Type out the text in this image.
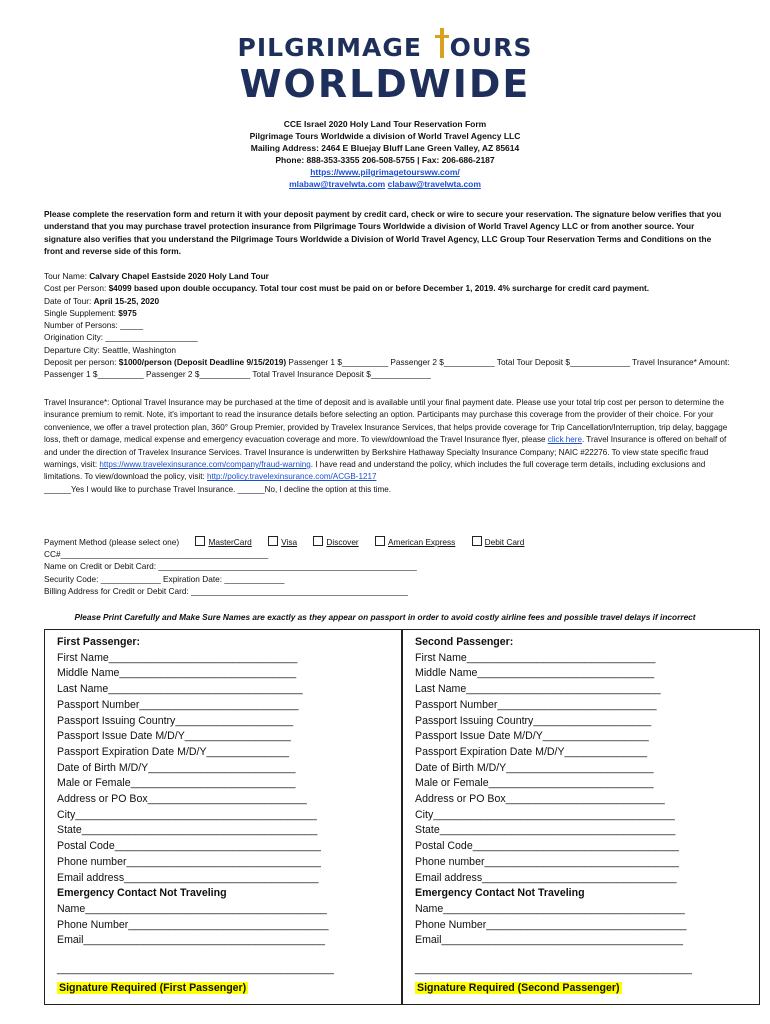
PILGRIMAGE
OURS
WORLDWIDE
CCE Israel 2020 Holy Land Tour Reservation Form
Pilgrimage Tours Worldwide a division of World Travel Agency LLC
Mailing Address: 2464 E Bluejay Bluff Lane Green Valley, AZ 85614
Phone: 888-353-3355 206-508-5755 | Fax: 206-686-2187
https://www.pilgrimagetoursww.com/
mlabaw@travelwta.com clabaw@travelwta.com
Please complete the reservation form and return it with your deposit payment by credit card, check or wire to secure your reservation. The signature below verifies that you understand that you may purchase travel protection insurance from Pilgrimage Tours Worldwide a division of World Travel Agency LLC or from another source. Your signature also verifies that you understand the Pilgrimage Tours Worldwide a Division of World Travel Agency, LLC Group Tour Reservation Terms and Conditions on the front and reverse side of this form.
Tour Name: Calvary Chapel Eastside 2020 Holy Land Tour
Cost per Person: $4099 based upon double occupancy. Total tour cost must be paid on or before December 1, 2019. 4% surcharge for credit card payment.
Date of Tour: April 15-25, 2020
Single Supplement: $975
Number of Persons: _____
Origination City: ____________________
Departure City: Seattle, Washington
Deposit per person: $1000/person (Deposit Deadline 9/15/2019) Passenger 1 $__________ Passenger 2 $___________ Total Tour Deposit $_____________ Travel Insurance* Amount: Passenger 1 $__________ Passenger 2 $___________ Total Travel Insurance Deposit $_____________
Travel Insurance*: Optional Travel Insurance may be purchased at the time of deposit and is available until your final payment date. Please use your total trip cost per person to determine the insurance premium to remit. Note, it's important to read the insurance details before selecting an option. Participants may purchase this coverage from the provider of their choice. For your convenience, we offer a travel protection plan, 360° Group Premier, provided by Travelex Insurance Services, that helps provide coverage for Trip Cancellation/Interruption, trip delay, baggage loss, theft or damage, medical expense and emergency evacuation coverage and more. To view/download the Travel Insurance flyer, please click here. Travel Insurance is offered on behalf of and under the direction of Travelex Insurance Services. Travel Insurance is underwritten by Berkshire Hathaway Specialty Insurance Company; NAIC #22276. To view state specific fraud warnings, visit: https://www.travelexinsurance.com/company/fraud-warning. I have read and understand the policy, which includes the full coverage term details, including exclusions and limitations. To view/download the policy, visit: http://policy.travelexinsurance.com/ACGB-1217
______Yes I would like to purchase Travel Insurance. ______No, I decline the option at this time.
Payment Method (please select one)	MasterCard	Visa	Discover	American Express	Debit Card
CC#_____________________________________________
Name on Credit or Debit Card: ________________________________________________________
Security Code: _____________ Expiration Date: _____________
Billing Address for Credit or Debit Card: _______________________________________________
Please Print Carefully and Make Sure Names are exactly as they appear on passport in order to avoid costly airline fees and possible travel delays if incorrect
First Passenger:
First Name________________________________
Middle Name______________________________
Last Name_________________________________
Passport Number___________________________
Passport Issuing Country____________________
Passport Issue Date M/D/Y__________________
Passport Expiration Date M/D/Y______________
Date of Birth M/D/Y_________________________
Male or Female____________________________
Address or PO Box___________________________
City_________________________________________
State________________________________________
Postal Code___________________________________
Phone number_________________________________
Email address_________________________________
Emergency Contact Not Traveling
Name_________________________________________
Phone Number__________________________________
Email_________________________________________
_______________________________________________
Signature Required (First Passenger)
Second Passenger:
First Name________________________________
Middle Name______________________________
Last Name_________________________________
Passport Number___________________________
Passport Issuing Country____________________
Passport Issue Date M/D/Y__________________
Passport Expiration Date M/D/Y______________
Date of Birth M/D/Y_________________________
Male or Female____________________________
Address or PO Box___________________________
City_________________________________________
State________________________________________
Postal Code___________________________________
Phone number_________________________________
Email address_________________________________
Emergency Contact Not Traveling
Name_________________________________________
Phone Number__________________________________
Email_________________________________________
_______________________________________________
Signature Required (Second Passenger)
